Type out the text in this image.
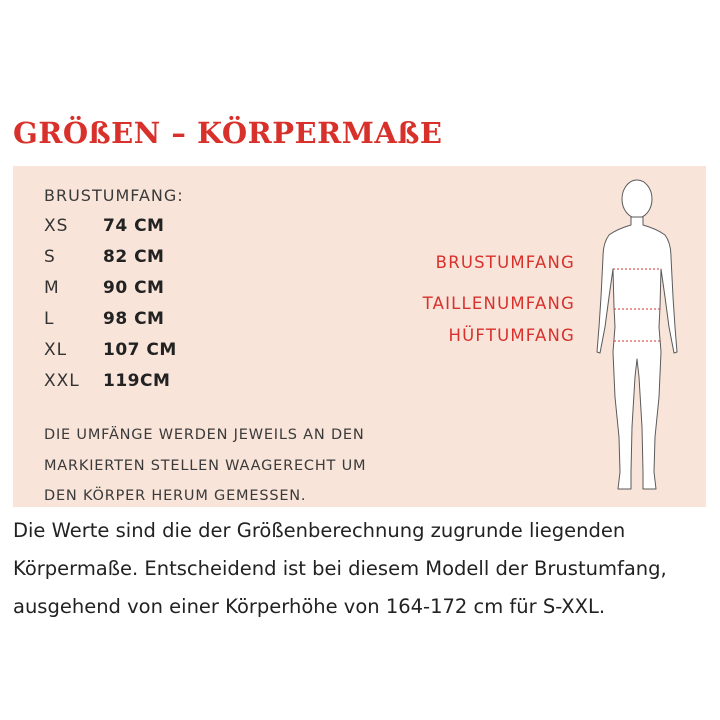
GRÖßEN – KÖRPERMAßE
BRUSTUMFANG:
XS 74 CM
S	82 CM
M	90 CM
L	98 CM
XL 107 CM
XXL 119CM
DIE UMFÄNGE WERDEN JEWEILS AN DEN
MARKIERTEN STELLEN WAAGERECHT UM
DEN KÖRPER HERUM GEMESSEN.
BRUSTUMFANG
TAILLENUMFANG
HÜFTUMFANG
Die Werte sind die der Größenberechnung zugrunde liegenden
Körpermaße. Entscheidend ist bei diesem Modell der Brustumfang,
ausgehend von einer Körperhöhe von 164-172 cm für S-XXL.
